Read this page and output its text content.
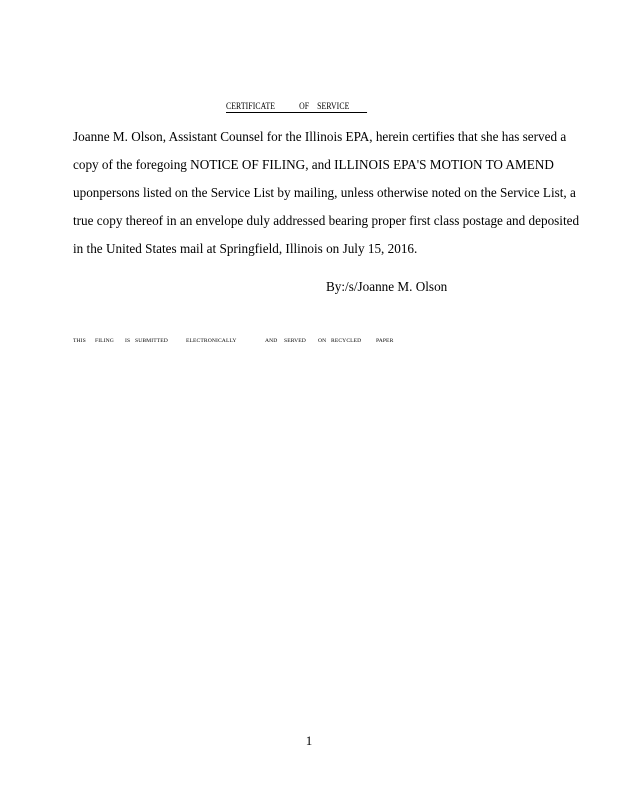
CERTIFICATE	OF SERVICE
Joanne M. Olson, Assistant Counsel for the Illinois EPA, herein certifies that she has served a
copy of the foregoing NOTICE OF FILING, and ILLINOIS EPA'S MOTION TO AMEND
uponpersons listed on the Service List by mailing, unless otherwise noted on the Service List, a
true copy thereof in an envelope duly addressed bearing proper first class postage and deposited
in the United States mail at Springfield, Illinois on July 15, 2016.
By:/s/Joanne M. Olson
THIS FILING IS SUBMITTED	ELECTRONICALLY	AND SERVED ON RECYCLED	PAPER
1
